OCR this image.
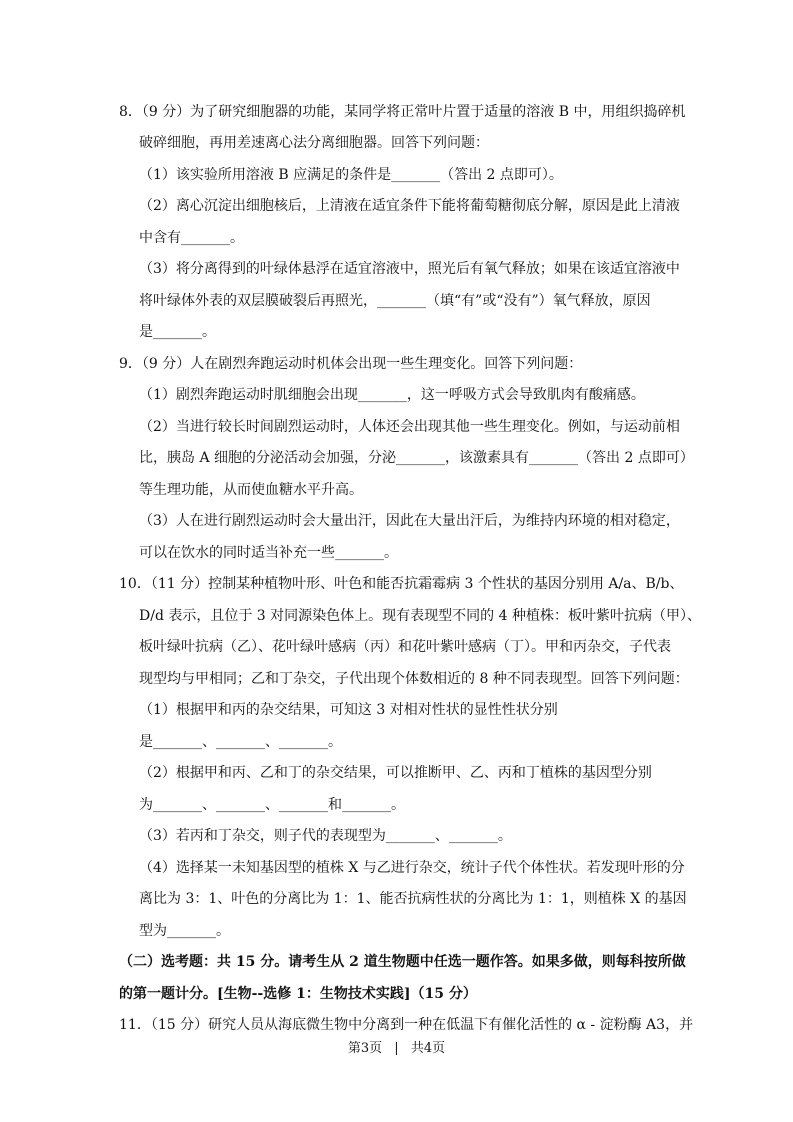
8．（9 分）为了研究细胞器的功能，某同学将正常叶片置于适量的溶液 B 中，用组织捣碎机
破碎细胞，再用差速离心法分离细胞器。回答下列问题：
（1）该实验所用溶液 B 应满足的条件是_______（答出 2 点即可）。
（2）离心沉淀出细胞核后，上清液在适宜条件下能将葡萄糖彻底分解，原因是此上清液
中含有_______。
（3）将分离得到的叶绿体悬浮在适宜溶液中，照光后有氧气释放；如果在该适宜溶液中
将叶绿体外表的双层膜破裂后再照光，_______（填“有”或“没有”）氧气释放，原因
是_______。
9．（9 分）人在剧烈奔跑运动时机体会出现一些生理变化。回答下列问题：
（1）剧烈奔跑运动时肌细胞会出现_______，这一呼吸方式会导致肌肉有酸痛感。
（2）当进行较长时间剧烈运动时，人体还会出现其他一些生理变化。例如，与运动前相
比，胰岛 A 细胞的分泌活动会加强，分泌_______，该激素具有_______（答出 2 点即可）
等生理功能，从而使血糖水平升高。
（3）人在进行剧烈运动时会大量出汗，因此在大量出汗后，为维持内环境的相对稳定，
可以在饮水的同时适当补充一些_______。
10．（11 分）控制某种植物叶形、叶色和能否抗霜霉病 3 个性状的基因分别用 A/a、B/b、
D/d 表示，且位于 3 对同源染色体上。现有表现型不同的 4 种植株：板叶紫叶抗病（甲）、
板叶绿叶抗病（乙）、花叶绿叶感病（丙）和花叶紫叶感病（丁）。甲和丙杂交，子代表
现型均与甲相同；乙和丁杂交，子代出现个体数相近的 8 种不同表现型。回答下列问题：
（1）根据甲和丙的杂交结果，可知这 3 对相对性状的显性性状分别
是_______、_______、_______。
（2）根据甲和丙、乙和丁的杂交结果，可以推断甲、乙、丙和丁植株的基因型分别
为_______、_______、_______和_______。
（3）若丙和丁杂交，则子代的表现型为_______、_______。
（4）选择某一未知基因型的植株 X 与乙进行杂交，统计子代个体性状。若发现叶形的分
离比为 3：1、叶色的分离比为 1：1、能否抗病性状的分离比为 1：1，则植株 X 的基因
型为_______。
（二）选考题：共 15 分。请考生从 2 道生物题中任选一题作答。如果多做，则每科按所做
的第一题计分。[生物--选修 1：生物技术实践]（15 分）
11．（15 分）研究人员从海底微生物中分离到一种在低温下有催化活性的 α - 淀粉酶 A3，并
第3页 | 共4页
